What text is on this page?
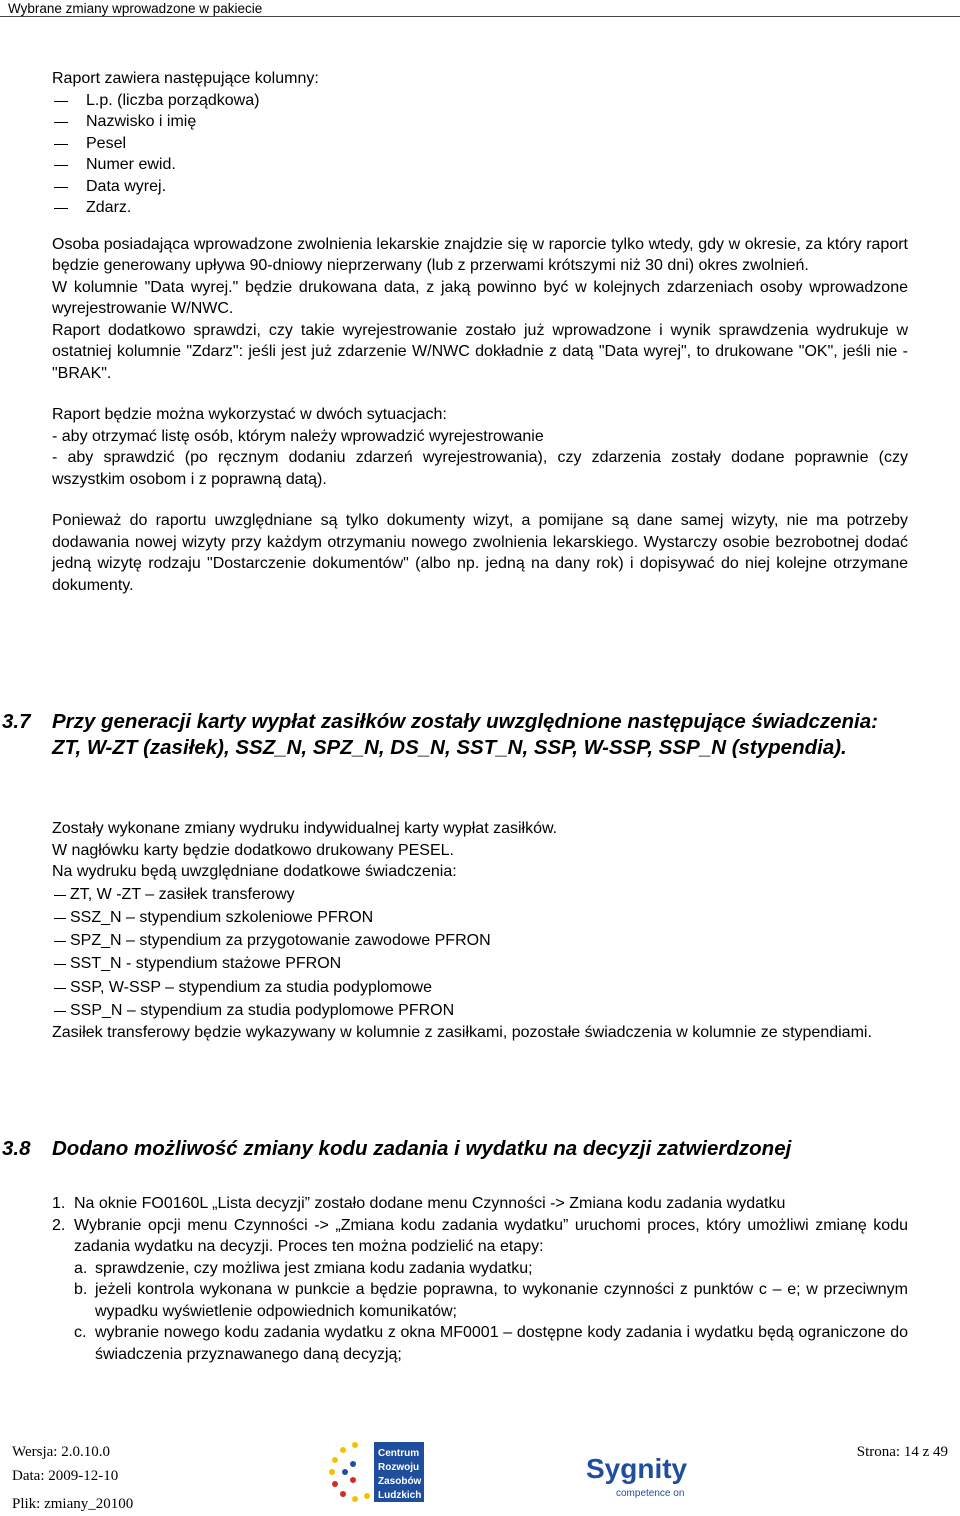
Wybrane zmiany wprowadzone w pakiecie

Raport zawiera następujące kolumny:

L.p. (liczba porządkowa)

Nazwisko i imię

Pesel

Numer ewid.

Data wyrej.

Zdarz.

Osoba posiadająca wprowadzone zwolnienia lekarskie znajdzie się w raporcie tylko wtedy, gdy w okresie, za który raport będzie generowany upływa 90-dniowy nieprzerwany (lub z przerwami krótszymi niż 30 dni) okres zwolnień.

W kolumnie "Data wyrej." będzie drukowana data, z jaką powinno być w kolejnych zdarzeniach osoby wprowadzone wyrejestrowanie W/NWC.

Raport dodatkowo sprawdzi, czy takie wyrejestrowanie zostało już wprowadzone i wynik sprawdzenia wydrukuje w ostatniej kolumnie "Zdarz": jeśli jest już zdarzenie W/NWC dokładnie z datą "Data wyrej", to drukowane "OK", jeśli nie - "BRAK".

Raport będzie można wykorzystać w dwóch sytuacjach:

- aby otrzymać listę osób, którym należy wprowadzić wyrejestrowanie

- aby sprawdzić (po ręcznym dodaniu zdarzeń wyrejestrowania), czy zdarzenia zostały dodane poprawnie (czy wszystkim osobom i z poprawną datą).

Ponieważ do raportu uwzględniane są tylko dokumenty wizyt, a pomijane są dane samej wizyty, nie ma potrzeby dodawania nowej wizyty przy każdym otrzymaniu nowego zwolnienia lekarskiego. Wystarczy osobie bezrobotnej dodać jedną wizytę rodzaju "Dostarczenie dokumentów" (albo np. jedną na dany rok) i dopisywać do niej kolejne otrzymane dokumenty.

3.7 Przy generacji karty wypłat zasiłków zostały uwzględnione następujące świadczenia: ZT, W-ZT (zasiłek), SSZ_N, SPZ_N, DS_N, SST_N, SSP, W-SSP, SSP_N (stypendia).

Zostały wykonane zmiany wydruku indywidualnej karty wypłat zasiłków.

W nagłówku karty będzie dodatkowo drukowany PESEL.

Na wydruku będą uwzględniane dodatkowe świadczenia:

ZT, W -ZT – zasiłek transferowy

SSZ_N – stypendium szkoleniowe PFRON

SPZ_N – stypendium za przygotowanie zawodowe PFRON

SST_N - stypendium stażowe PFRON

SSP, W-SSP – stypendium za studia podyplomowe

SSP_N – stypendium za studia podyplomowe PFRON

Zasiłek transferowy będzie wykazywany w kolumnie z zasiłkami, pozostałe świadczenia w kolumnie ze stypendiami.

3.8 Dodano możliwość zmiany kodu zadania i wydatku na decyzji zatwierdzonej

1. Na oknie FO0160L „Lista decyzji” zostało dodane menu Czynności -> Zmiana kodu zadania wydatku

2. Wybranie opcji menu Czynności -> „Zmiana kodu zadania wydatku” uruchomi proces, który umożliwi zmianę kodu zadania wydatku na decyzji. Proces ten można podzielić na etapy:

a. sprawdzenie, czy możliwa jest zmiana kodu zadania wydatku;

b. jeżeli kontrola wykonana w punkcie a będzie poprawna, to wykonanie czynności z punktów c – e; w przeciwnym wypadku wyświetlenie odpowiednich komunikatów;

c. wybranie nowego kodu zadania wydatku z okna MF0001 – dostępne kody zadania i wydatku będą ograniczone do świadczenia przyznawanego daną decyzją;

Wersja: 2.0.10.0
Data: 2009-12-10
Plik: zmiany_20100
Strona: 14 z 49
Centrum
Rozwoju
Zasobów
Ludzkich
Sygnity
competence on
